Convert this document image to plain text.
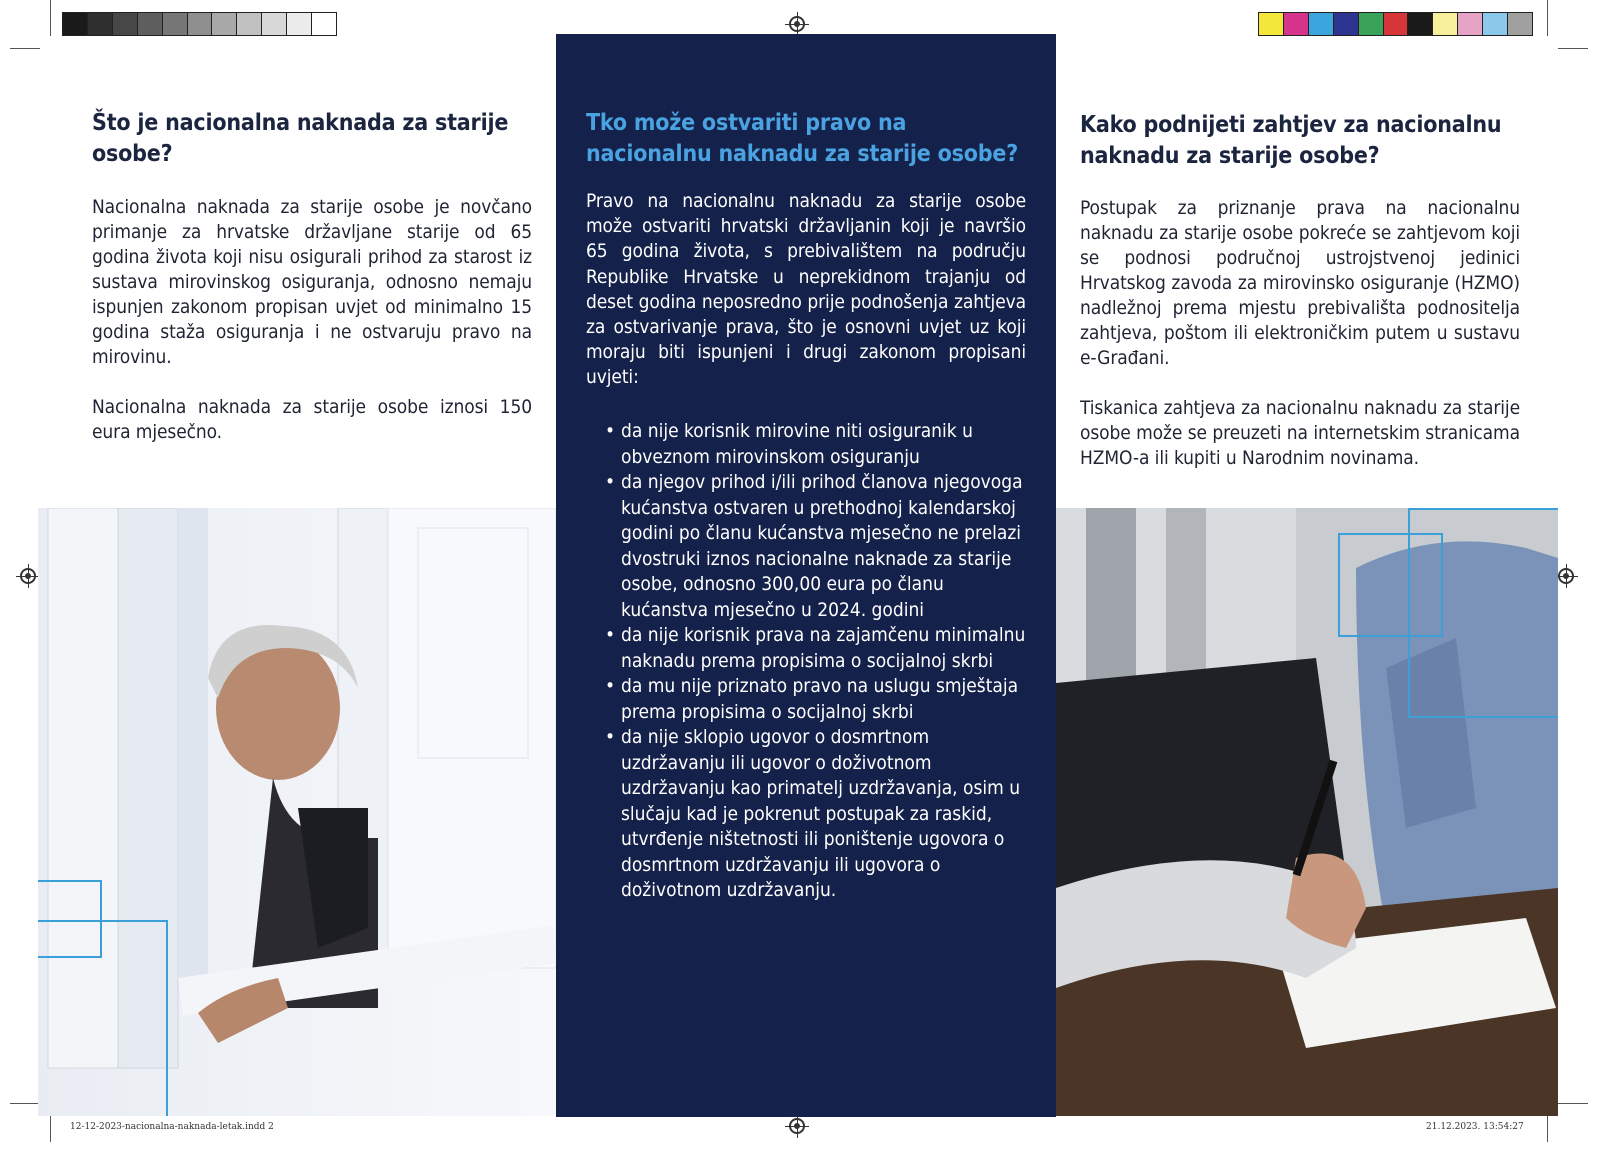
Što je nacionalna naknada za starije osobe?

Nacionalna naknada za starije osobe je novčano primanje za hrvatske državljane starije od 65 godina života koji nisu osigurali prihod za starost iz sustava mirovinskog osiguranja, odnosno nemaju ispunjen zakonom propisan uvjet od minimalno 15 godina staža osiguranja i ne ostvaruju pravo na mirovinu.

Nacionalna naknada za starije osobe iznosi 150 eura mjesečno.

Tko može ostvariti pravo na nacionalnu naknadu za starije osobe?
Pravo na nacionalnu naknadu za starije osobe može ostvariti hrvatski državljanin koji je navršio 65 godina života, s prebivalištem na području Republike Hrvatske u neprekidnom trajanju od deset godina neposredno prije podnošenja zahtjeva za ostvarivanje prava, što je osnovni uvjet uz koji moraju biti ispunjeni i drugi zakonom propisani uvjeti:
• da nije korisnik mirovine niti osiguranik u obveznom mirovinskom osiguranju
• da njegov prihod i/ili prihod članova njegovoga kućanstva ostvaren u prethodnoj kalendarskoj godini po članu kućanstva mjesečno ne prelazi dvostruki iznos nacionalne naknade za starije osobe, odnosno 300,00 eura po članu kućanstva mjesečno u 2024. godini
• da nije korisnik prava na zajamčenu minimalnu naknadu prema propisima o socijalnoj skrbi
• da mu nije priznato pravo na uslugu smještaja prema propisima o socijalnoj skrbi
• da nije sklopio ugovor o dosmrtnom uzdržavanju ili ugovor o doživotnom uzdržavanju kao primatelj uzdržavanja, osim u slučaju kad je pokrenut postupak za raskid, utvrđenje ništetnosti ili poništenje ugovora o dosmrtnom uzdržavanju ili ugovora o doživotnom uzdržavanju.
Kako podnijeti zahtjev za nacionalnu naknadu za starije osobe?

Postupak za priznanje prava na nacionalnu naknadu za starije osobe pokreće se zahtjevom koji se podnosi područnoj ustrojstvenoj jedinici Hrvatskog zavoda za mirovinsko osiguranje (HZMO) nadležnoj prema mjestu prebivališta podnositelja zahtjeva, poštom ili elektroničkim putem u sustavu e-Građani.

Tiskanica zahtjeva za nacionalnu naknadu za starije osobe može se preuzeti na internetskim stranicama HZMO-a ili kupiti u Narodnim novinama.

12-12-2023-nacionalna-naknada-letak.indd 2	21.12.2023. 13:54:27
